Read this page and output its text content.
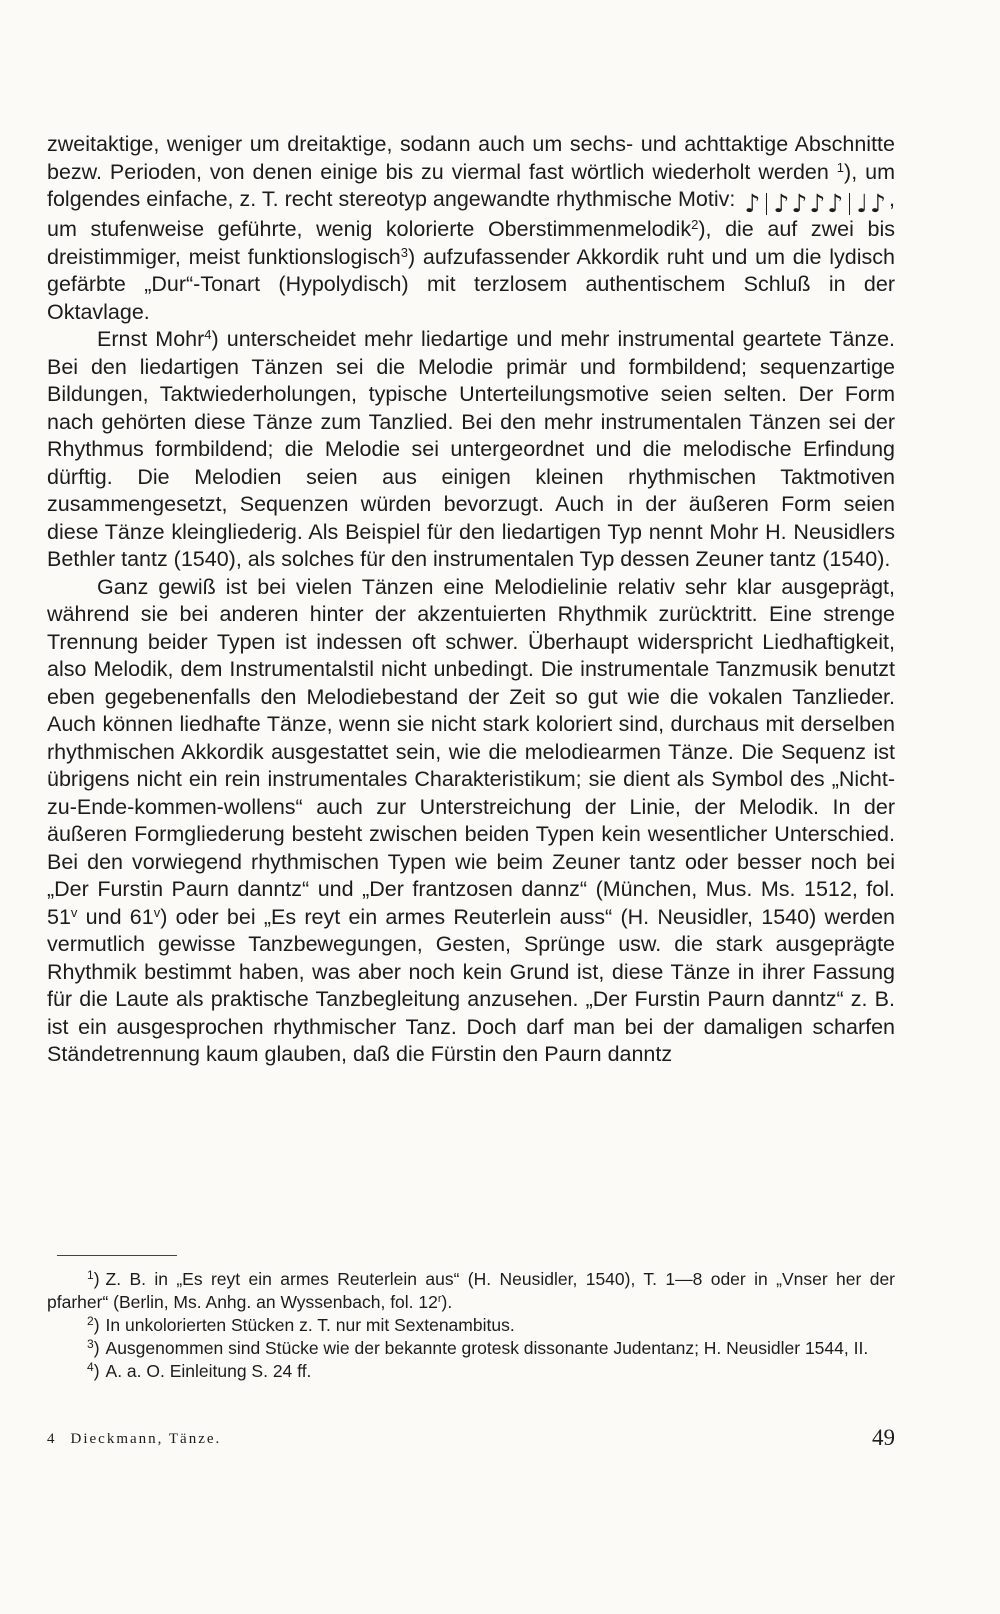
zweitaktige, weniger um dreitaktige, sodann auch um sechs- und achttaktige Abschnitte bezw. Perioden, von denen einige bis zu viermal fast wörtlich wiederholt werden $^1$), um folgendes einfache, z. T. recht stereotyp angewandte rhythmische Motiv: ♪ ♪♪♪♪ ♩♪ , um stufenweise geführte, wenig kolorierte Oberstimmenmelodik$^2$), die auf zwei bis dreistimmiger, meist funktionslogisch$^3$) aufzufassender Akkordik ruht und um die lydisch gefärbte „Dur“-Tonart (Hypolydisch) mit terzlosem authentischem Schluß in der Oktavlage.

Ernst Mohr$^4$) unterscheidet mehr liedartige und mehr instrumental geartete Tänze. Bei den liedartigen Tänzen sei die Melodie primär und formbildend; sequenzartige Bildungen, Taktwiederholungen, typische Unterteilungsmotive seien selten. Der Form nach gehörten diese Tänze zum Tanzlied. Bei den mehr instrumentalen Tänzen sei der Rhythmus formbildend; die Melodie sei untergeordnet und die melodische Erfindung dürftig. Die Melodien seien aus einigen kleinen rhythmischen Taktmotiven zusammengesetzt, Sequenzen würden bevorzugt. Auch in der äußeren Form seien diese Tänze kleingliederig. Als Beispiel für den liedartigen Typ nennt Mohr H. Neusidlers Bethler tantz (1540), als solches für den instrumentalen Typ dessen Zeuner tantz (1540).

Ganz gewiß ist bei vielen Tänzen eine Melodielinie relativ sehr klar ausgeprägt, während sie bei anderen hinter der akzentuierten Rhythmik zurücktritt. Eine strenge Trennung beider Typen ist indessen oft schwer. Überhaupt widerspricht Liedhaftigkeit, also Melodik, dem Instrumentalstil nicht unbedingt. Die instrumentale Tanzmusik benutzt eben gegebenenfalls den Melodiebestand der Zeit so gut wie die vokalen Tanzlieder. Auch können liedhafte Tänze, wenn sie nicht stark koloriert sind, durchaus mit derselben rhythmischen Akkordik ausgestattet sein, wie die melodiearmen Tänze. Die Sequenz ist übrigens nicht ein rein instrumentales Charakteristikum; sie dient als Symbol des „Nicht-zu-Ende-kommen-wollens“ auch zur Unterstreichung der Linie, der Melodik. In der äußeren Formgliederung besteht zwischen beiden Typen kein wesentlicher Unterschied. Bei den vorwiegend rhythmischen Typen wie beim Zeuner tantz oder besser noch bei „Der Furstin Paurn danntz“ und „Der frantzosen dannz“ (München, Mus. Ms. 1512, fol. 51$^v$ und 61$^v$) oder bei „Es reyt ein armes Reuterlein auss“ (H. Neusidler, 1540) werden vermutlich gewisse Tanzbewegungen, Gesten, Sprünge usw. die stark ausgeprägte Rhythmik bestimmt haben, was aber noch kein Grund ist, diese Tänze in ihrer Fassung für die Laute als praktische Tanzbegleitung anzusehen. „Der Furstin Paurn danntz“ z. B. ist ein ausgesprochen rhythmischer Tanz. Doch darf man bei der damaligen scharfen Ständetrennung kaum glauben, daß die Fürstin den Paurn danntz

$^1$) Z. B. in „Es reyt ein armes Reuterlein aus“ (H. Neusidler, 1540), T. 1—8 oder in „Vnser her der pfarher“ (Berlin, Ms. Anhg. an Wyssenbach, fol. 12$^r$).

$^2$) In unkolorierten Stücken z. T. nur mit Sextenambitus.

$^3$) Ausgenommen sind Stücke wie der bekannte grotesk dissonante Judentanz; H. Neusidler 1544, II.

$^4$) A. a. O. Einleitung S. 24 ff.

4 Dieckmann, Tänze.	49
